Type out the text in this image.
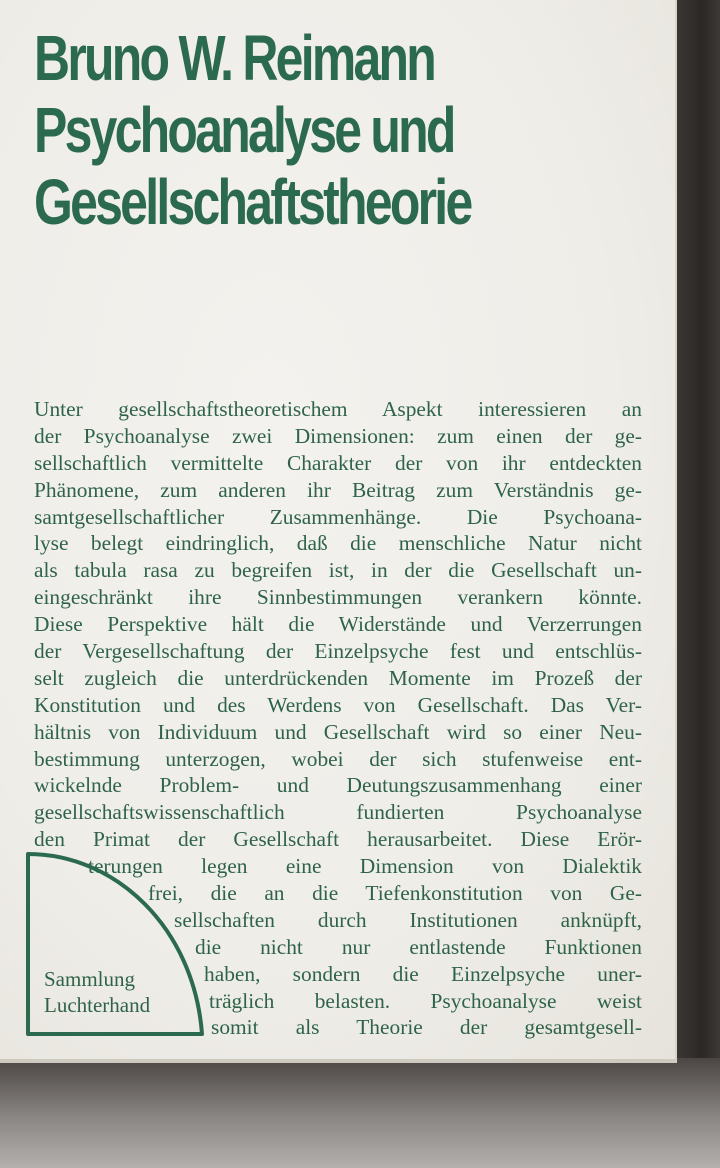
Bruno W. Reimann
Psychoanalyse und
Gesellschaftstheorie
Unter gesellschaftstheoretischem Aspekt interessieren an
der Psychoanalyse zwei Dimensionen: zum einen der ge-
sellschaftlich vermittelte Charakter der von ihr entdeckten
Phänomene, zum anderen ihr Beitrag zum Verständnis ge-
samtgesellschaftlicher Zusammenhänge. Die Psychoana-
lyse belegt eindringlich, daß die menschliche Natur nicht
als tabula rasa zu begreifen ist, in der die Gesellschaft un-
eingeschränkt ihre Sinnbestimmungen verankern könnte.
Diese Perspektive hält die Widerstände und Verzerrungen
der Vergesellschaftung der Einzelpsyche fest und entschlüs-
selt zugleich die unterdrückenden Momente im Prozeß der
Konstitution und des Werdens von Gesellschaft. Das Ver-
hältnis von Individuum und Gesellschaft wird so einer Neu-
bestimmung unterzogen, wobei der sich stufenweise ent-
wickelnde Problem- und Deutungszusammenhang einer
gesellschaftswissenschaftlich fundierten Psychoanalyse
den Primat der Gesellschaft herausarbeitet. Diese Erör-
terungen legen eine Dimension von Dialektik
frei, die an die Tiefenkonstitution von Ge-
sellschaften durch Institutionen anknüpft,
die nicht nur entlastende Funktionen
haben, sondern die Einzelpsyche uner-
träglich belasten. Psychoanalyse weist
somit als Theorie der gesamtgesell-
Sammlung
Luchterhand
